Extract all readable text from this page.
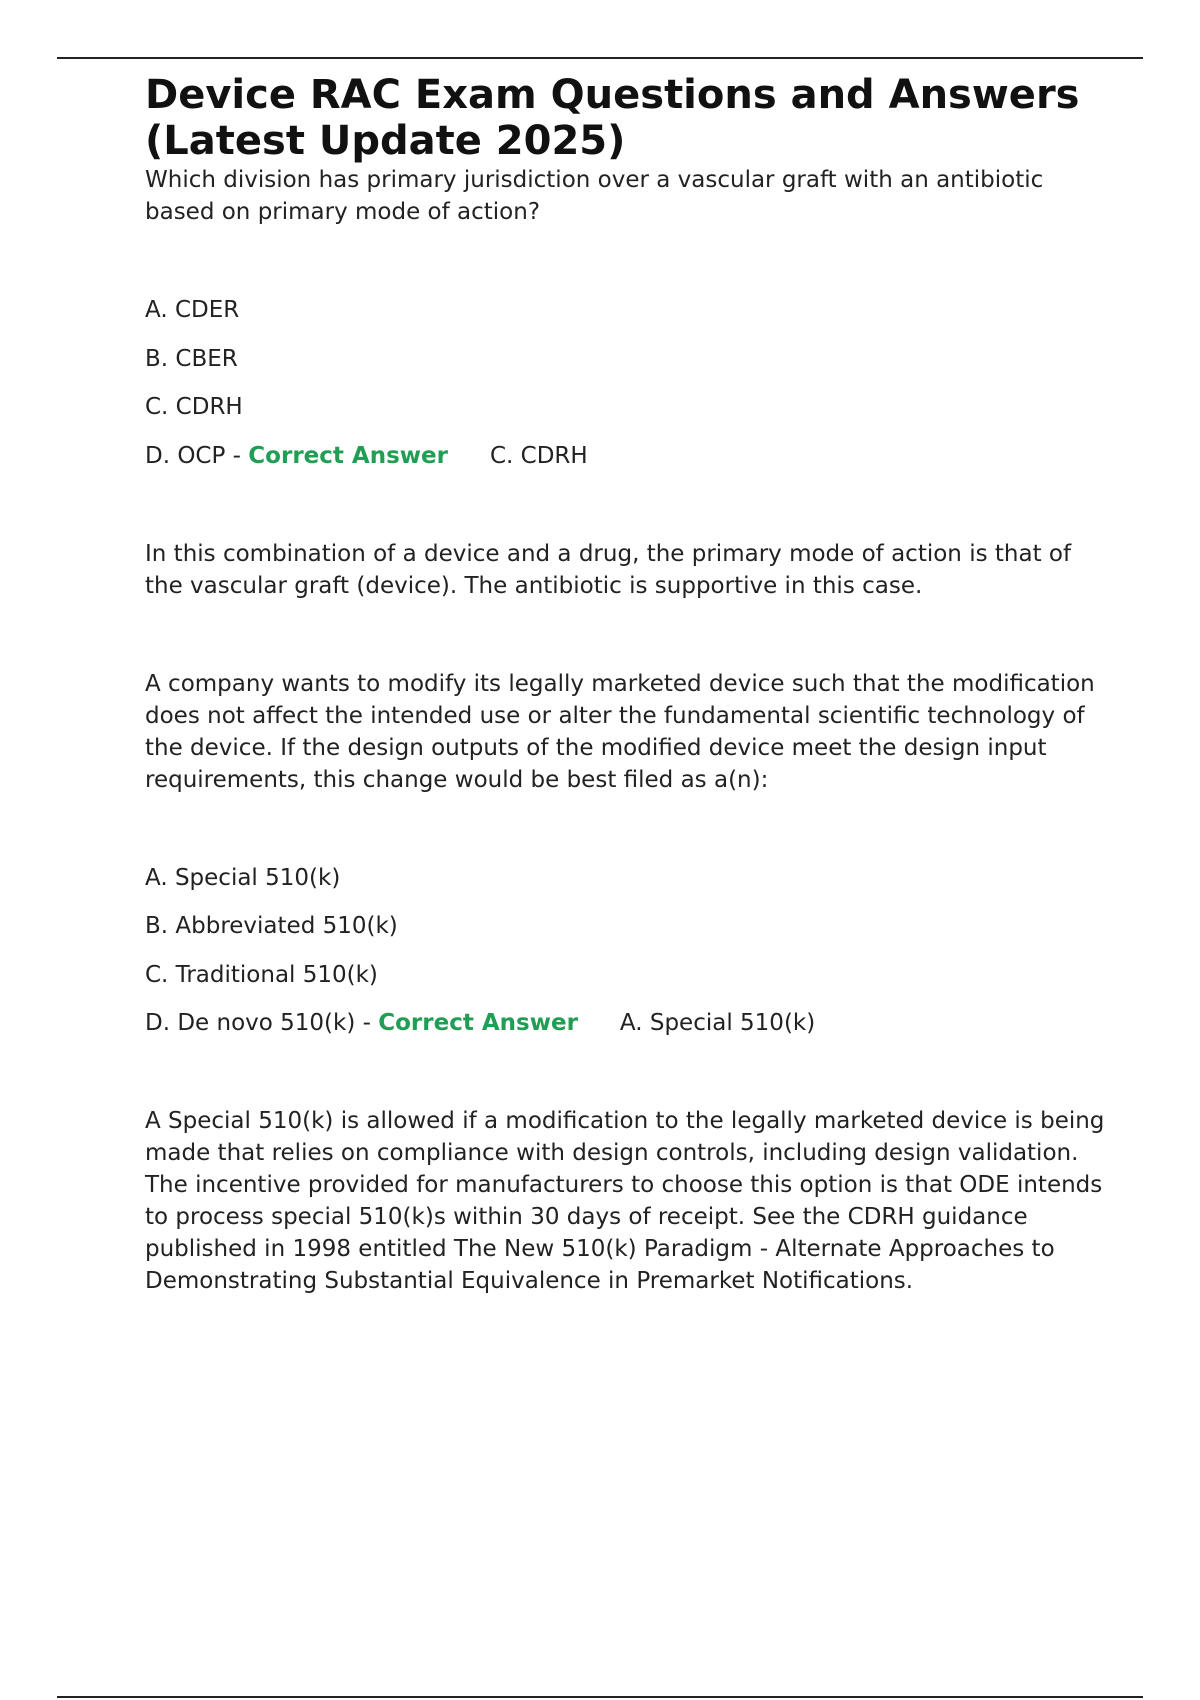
Device RAC Exam Questions and Answers (Latest Update 2025)

Which division has primary jurisdiction over a vascular graft with an antibiotic based on primary mode of action?

A. CDER
B. CBER
C. CDRH
D. OCP - Correct Answer C. CDRH

In this combination of a device and a drug, the primary mode of action is that of the vascular graft (device). The antibiotic is supportive in this case.

A company wants to modify its legally marketed device such that the modification does not affect the intended use or alter the fundamental scientific technology of the device. If the design outputs of the modified device meet the design input requirements, this change would be best filed as a(n):

A. Special 510(k)
B. Abbreviated 510(k)
C. Traditional 510(k)
D. De novo 510(k) - Correct Answer A. Special 510(k)

A Special 510(k) is allowed if a modification to the legally marketed device is being made that relies on compliance with design controls, including design validation. The incentive provided for manufacturers to choose this option is that ODE intends to process special 510(k)s within 30 days of receipt. See the CDRH guidance published in 1998 entitled The New 510(k) Paradigm - Alternate Approaches to Demonstrating Substantial Equivalence in Premarket Notifications.
